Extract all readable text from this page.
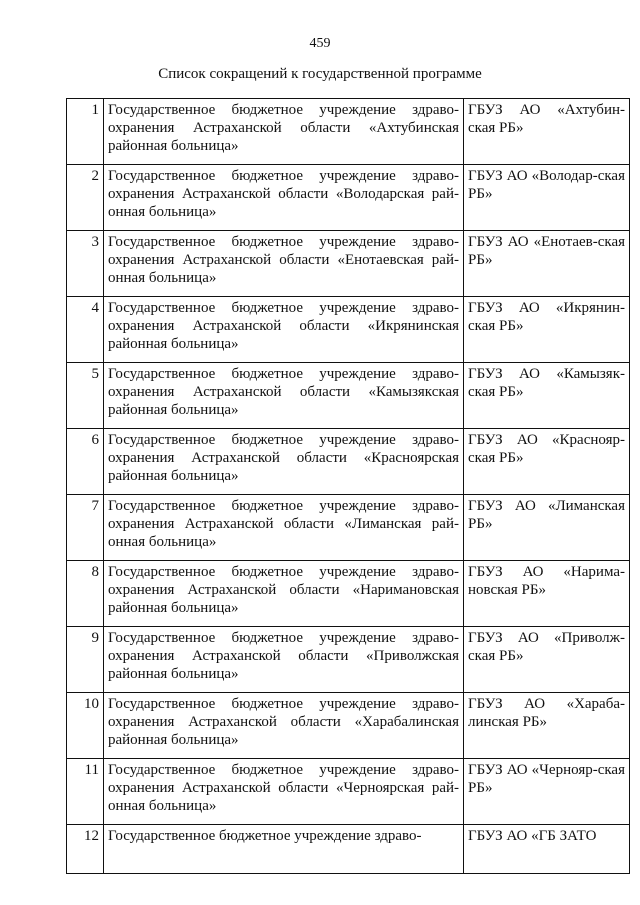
459
Список сокращений к государственной программе
1	Государственное бюджетное учреждение здраво-охранения Астраханской области «Ахтубинская районная больница»	ГБУЗ АО «Ахтубин-ская РБ»
2	Государственное бюджетное учреждение здраво-охранения Астраханской области «Володарская рай-онная больница»	ГБУЗ АО «Володар-ская РБ»
3	Государственное бюджетное учреждение здраво-охранения Астраханской области «Енотаевская рай-онная больница»	ГБУЗ АО «Енотаев-ская РБ»
4	Государственное бюджетное учреждение здраво-охранения Астраханской области «Икрянинская районная больница»	ГБУЗ АО «Икрянин-ская РБ»
5	Государственное бюджетное учреждение здраво-охранения Астраханской области «Камызякская районная больница»	ГБУЗ АО «Камызяк-ская РБ»
6	Государственное бюджетное учреждение здраво-охранения Астраханской области «Красноярская районная больница»	ГБУЗ АО «Краснояр-ская РБ»
7	Государственное бюджетное учреждение здраво-охранения Астраханской области «Лиманская рай-онная больница»	ГБУЗ АО «Лиманская РБ»
8	Государственное бюджетное учреждение здраво-охранения Астраханской области «Наримановская районная больница»	ГБУЗ АО «Нарима-новская РБ»
9	Государственное бюджетное учреждение здраво-охранения Астраханской области «Приволжская районная больница»	ГБУЗ АО «Приволж-ская РБ»
10	Государственное бюджетное учреждение здраво-охранения Астраханской области «Харабалинская районная больница»	ГБУЗ АО «Хараба-линская РБ»
11	Государственное бюджетное учреждение здраво-охранения Астраханской области «Черноярская рай-онная больница»	ГБУЗ АО «Чернояр-ская РБ»
12	Государственное бюджетное учреждение здраво-	ГБУЗ АО «ГБ ЗАТО
